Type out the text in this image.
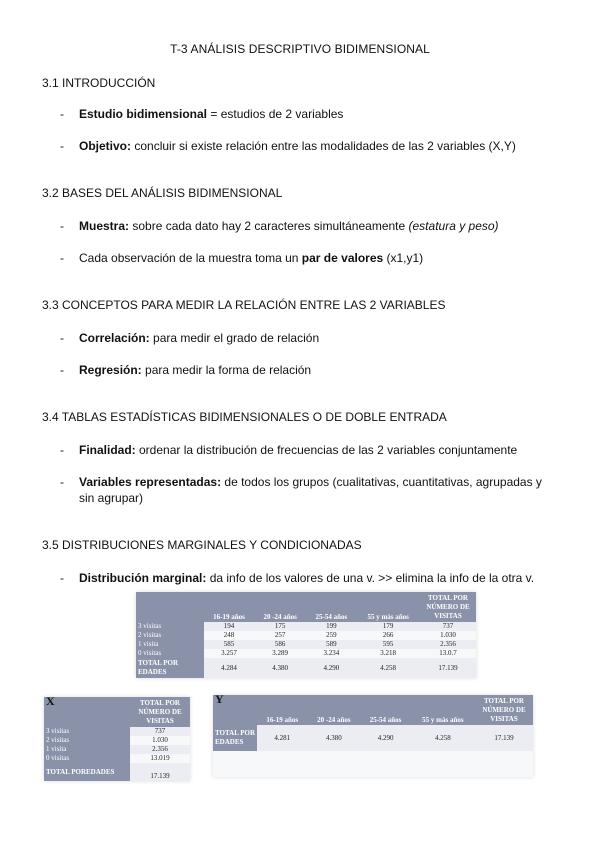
T-3 ANÁLISIS DESCRIPTIVO BIDIMENSIONAL
3.1 INTRODUCCIÓN
- Estudio bidimensional = estudios de 2 variables
- Objetivo: concluir si existe relación entre las modalidades de las 2 variables (X,Y)
3.2 BASES DEL ANÁLISIS BIDIMENSIONAL
- Muestra: sobre cada dato hay 2 caracteres simultáneamente (estatura y peso)
- Cada observación de la muestra toma un par de valores (x1,y1)
3.3 CONCEPTOS PARA MEDIR LA RELACIÓN ENTRE LAS 2 VARIABLES
- Correlación: para medir el grado de relación
- Regresión: para medir la forma de relación
3.4 TABLAS ESTADÍSTICAS BIDIMENSIONALES O DE DOBLE ENTRADA
- Finalidad: ordenar la distribución de frecuencias de las 2 variables conjuntamente
- Variables representadas: de todos los grupos (cualitativas, cuantitativas, agrupadas y sin agrupar)
3.5 DISTRIBUCIONES MARGINALES Y CONDICIONADAS
- Distribución marginal: da info de los valores de una v. >> elimina la info de la otra v.
	16-19 años	20 -24 años	25-54 años	55 y más años	TOTAL POR NÚMERO DE VISITAS
3 visitas	194	175	199	179	737
2 visitas	248	257	259	266	1.030
1 visita	585	586	589	595	2.356
0 visitas	3.257	3.289	3.234	3.218	13.0.7
TOTAL POR EDADES	4.284	4.380	4.290	4.258	17.139
X	TOTAL POR NÚMERO DE VISITAS
3 visitas	737
2 visitas	1.030
1 visita	2.356
0 visitas	13.019
TOTAL POREDADES	17.139
Y	16-19 años	20 -24 años	25-54 años	55 y más años	TOTAL POR NÚMERO DE VISITAS
TOTAL POR EDADES	4.281	4.380	4.290	4.258	17.139
